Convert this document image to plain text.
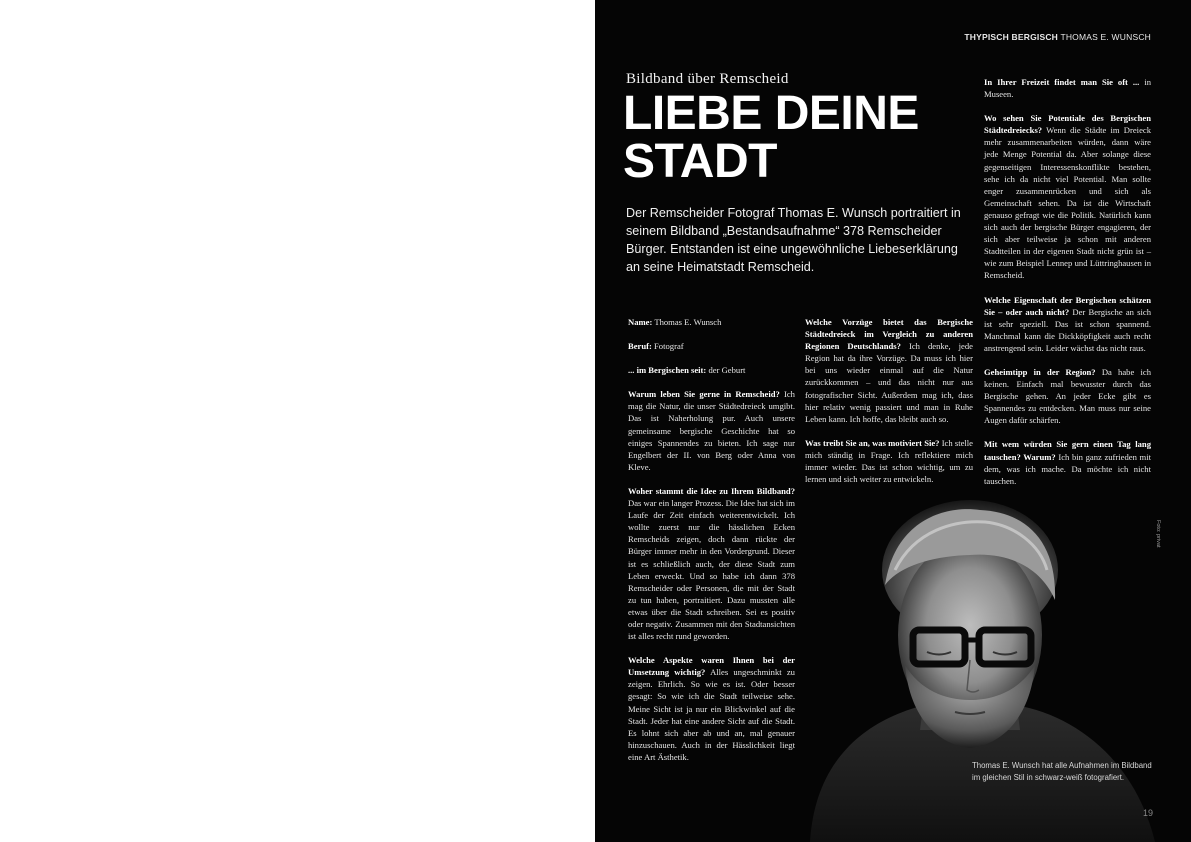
THYPISCH BERGISCH THOMAS E. WUNSCH
Bildband über Remscheid
LIEBE DEINE
STADT
Der Remscheider Fotograf Thomas E. Wunsch portraitiert in seinem Bildband „Bestandsaufnahme“ 378 Remscheider Bürger. Entstanden ist eine ungewöhnliche Liebeserklärung an seine Heimatstadt Remscheid.

Name: Thomas E. Wunsch

Beruf: Fotograf

... im Bergischen seit: der Geburt

Warum leben Sie gerne in Remscheid? Ich mag die Natur, die unser Städtedreieck umgibt. Das ist Naherholung pur. Auch unsere gemeinsame bergische Geschichte hat so einiges Spannendes zu bieten. Ich sage nur Engelbert der II. von Berg oder Anna von Kleve.

Woher stammt die Idee zu Ihrem Bildband? Das war ein langer Prozess. Die Idee hat sich im Laufe der Zeit einfach weiterentwickelt. Ich wollte zuerst nur die hässlichen Ecken Remscheids zeigen, doch dann rückte der Bürger immer mehr in den Vordergrund. Dieser ist es schließlich auch, der diese Stadt zum Leben erweckt. Und so habe ich dann 378 Remscheider oder Personen, die mit der Stadt zu tun haben, portraitiert. Dazu mussten alle etwas über die Stadt schreiben. Sei es positiv oder negativ. Zusammen mit den Stadtansichten ist alles recht rund geworden.

Welche Aspekte waren Ihnen bei der Umsetzung wichtig? Alles ungeschminkt zu zeigen. Ehrlich. So wie es ist. Oder besser gesagt: So wie ich die Stadt teilweise sehe. Meine Sicht ist ja nur ein Blickwinkel auf die Stadt. Jeder hat eine andere Sicht auf die Stadt. Es lohnt sich aber ab und an, mal genauer hinzuschauen. Auch in der Hässlichkeit liegt eine Art Ästhetik.

Welche Vorzüge bietet das Bergische Städtedreieck im Vergleich zu anderen Regionen Deutschlands? Ich denke, jede Region hat da ihre Vorzüge. Da muss ich hier bei uns wieder einmal auf die Natur zurückkommen – und das nicht nur aus fotografischer Sicht. Außerdem mag ich, dass hier relativ wenig passiert und man in Ruhe Leben kann. Ich hoffe, das bleibt auch so.

Was treibt Sie an, was motiviert Sie? Ich stelle mich ständig in Frage. Ich reflektiere mich immer wieder. Das ist schon wichtig, um zu lernen und sich weiter zu entwickeln.

In Ihrer Freizeit findet man Sie oft ... in Museen.

Wo sehen Sie Potentiale des Bergischen Städtedreiecks? Wenn die Städte im Dreieck mehr zusammenarbeiten würden, dann wäre jede Menge Potential da. Aber solange diese gegenseitigen Interessenskonflikte bestehen, sehe ich da nicht viel Potential. Man sollte enger zusammenrücken und sich als Gemeinschaft sehen. Da ist die Wirtschaft genauso gefragt wie die Politik. Natürlich kann sich auch der bergische Bürger engagieren, der sich aber teilweise ja schon mit anderen Stadtteilen in der eigenen Stadt nicht grün ist – wie zum Beispiel Lennep und Lüttringhausen in Remscheid.

Welche Eigenschaft der Bergischen schätzen Sie – oder auch nicht? Der Bergische an sich ist sehr speziell. Das ist schon spannend. Manchmal kann die Dickköpfigkeit auch recht anstrengend sein. Leider wächst das nicht raus.

Geheimtipp in der Region? Da habe ich keinen. Einfach mal bewusster durch das Bergische gehen. An jeder Ecke gibt es Spannendes zu entdecken. Man muss nur seine Augen dafür schärfen.

Mit wem würden Sie gern einen Tag lang tauschen? Warum? Ich bin ganz zufrieden mit dem, was ich mache. Da möchte ich nicht tauschen.

Foto: privat
Thomas E. Wunsch hat alle Aufnahmen im Bildband im gleichen Stil in schwarz-weiß fotografiert.
19
